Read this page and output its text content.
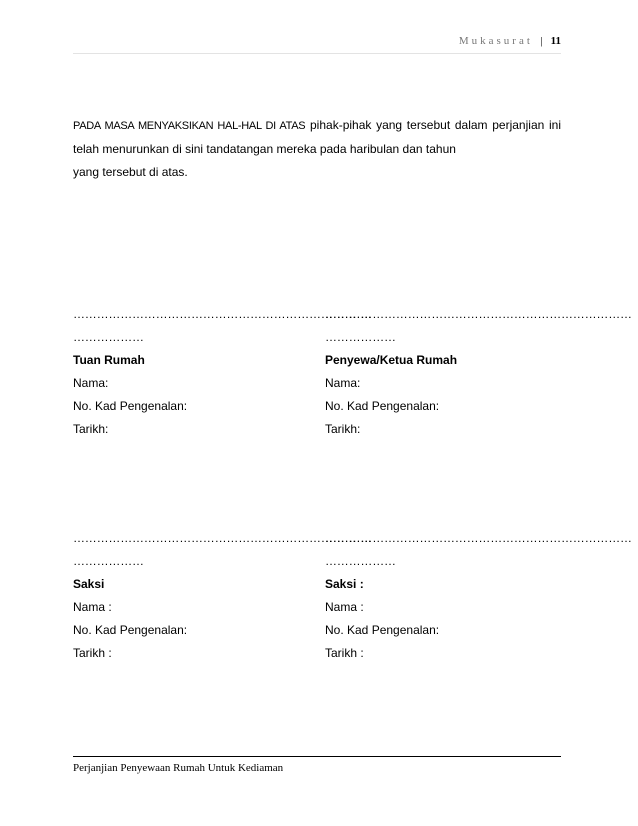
Mukasurat | 11

PADA MASA MENYAKSIKAN HAL-HAL DI ATAS pihak-pihak yang tersebut dalam perjanjian ini telah menurunkan di sini tandatangan mereka pada haribulan dan tahun

yang tersebut di atas.

………………………………………………………………….
………………
Tuan Rumah
Nama:
No. Kad Pengenalan:
Tarikh:
……………………………………………………………………
………………
Penyewa/Ketua Rumah
Nama:
No. Kad Pengenalan:
Tarikh:
………………………………………………………………….
………………
Saksi
Nama :
No. Kad Pengenalan:
Tarikh :
……………………………………………………………………
………………
Saksi :
Nama :
No. Kad Pengenalan:
Tarikh :
Perjanjian Penyewaan Rumah Untuk Kediaman
